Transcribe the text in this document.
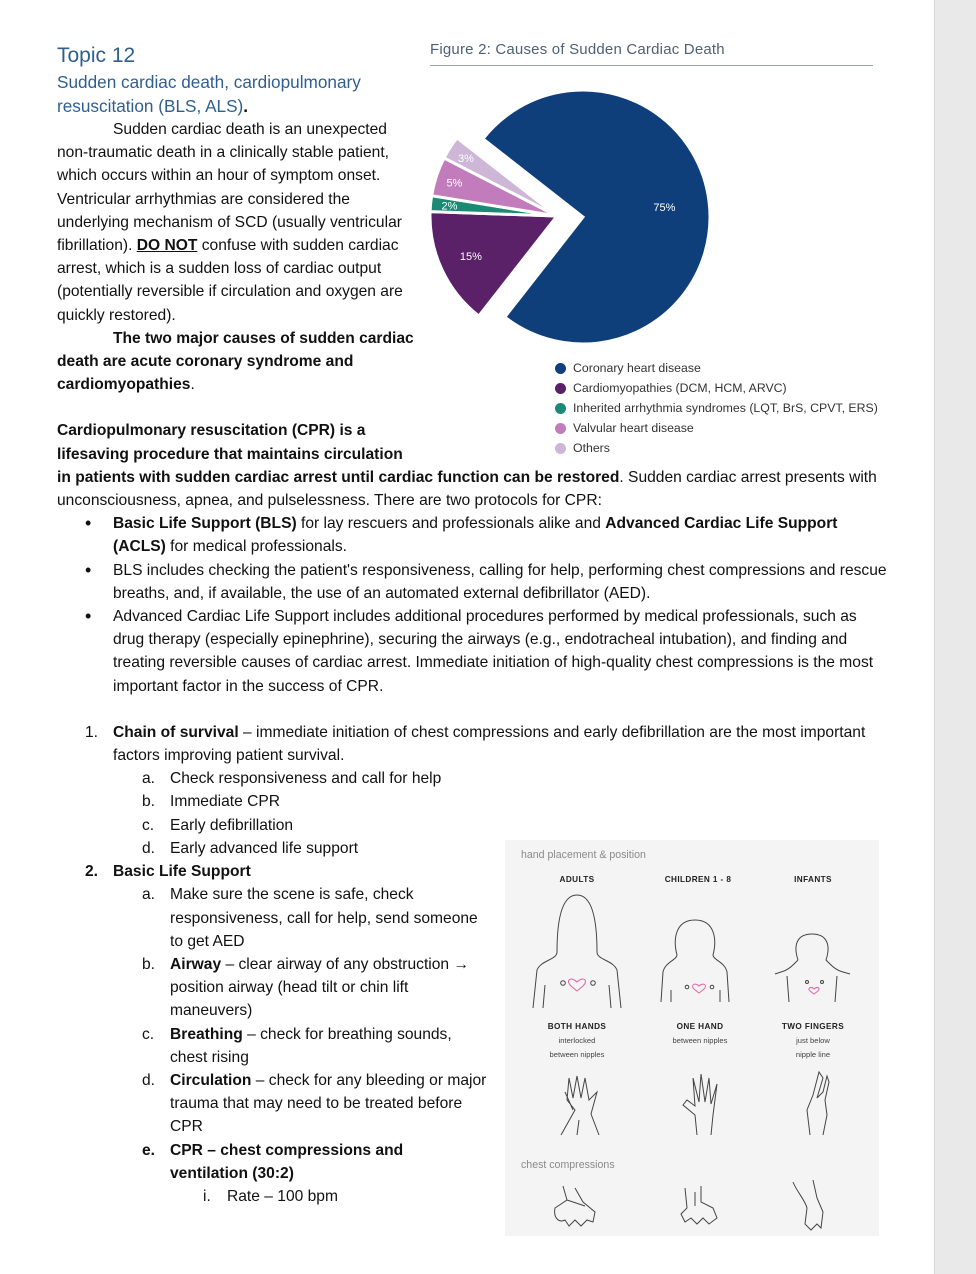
Figure 2: Causes of Sudden Cardiac Death
75%
15%
2%
5%
3%
Coronary heart disease
Cardiomyopathies (DCM, HCM, ARVC)
Inherited arrhythmia syndromes (LQT, BrS, CPVT, ERS)
Valvular heart disease
Others
Topic 12
Sudden cardiac death, cardiopulmonary
resuscitation (BLS, ALS).
Sudden cardiac death is an unexpected non-traumatic death in a clinically stable patient, which occurs within an hour of symptom onset. Ventricular arrhythmias are considered the underlying mechanism of SCD (usually ventricular fibrillation). DO NOT confuse with sudden cardiac arrest, which is a sudden loss of cardiac output (potentially reversible if circulation and oxygen are quickly restored).
The two major causes of sudden cardiac death are acute coronary syndrome and cardiomyopathies.
Cardiopulmonary resuscitation (CPR) is a lifesaving procedure that maintains circulation in patients with sudden cardiac arrest until cardiac function can be restored. Sudden cardiac arrest presents with unconsciousness, apnea, and pulselessness. There are two protocols for CPR:
• Basic Life Support (BLS) for lay rescuers and professionals alike and Advanced Cardiac Life Support (ACLS) for medical professionals.
• BLS includes checking the patient's responsiveness, calling for help, performing chest compressions and rescue breaths, and, if available, the use of an automated external defibrillator (AED).
• Advanced Cardiac Life Support includes additional procedures performed by medical professionals, such as drug therapy (especially epinephrine), securing the airways (e.g., endotracheal intubation), and finding and treating reversible causes of cardiac arrest. Immediate initiation of high-quality chest compressions is the most important factor in the success of CPR.
1. Chain of survival – immediate initiation of chest compressions and early defibrillation are the most important factors improving patient survival.
a. Check responsiveness and call for help
b. Immediate CPR
c. Early defibrillation
d. Early advanced life support
2. Basic Life Support
a. Make sure the scene is safe, check responsiveness, call for help, send someone to get AED
b. Airway – clear airway of any obstruction → position airway (head tilt or chin lift maneuvers)
c. Breathing – check for breathing sounds, chest rising
d. Circulation – check for any bleeding or major trauma that may need to be treated before CPR
e. CPR – chest compressions and ventilation (30:2)
i. Rate – 100 bpm
hand placement & position
ADULTS	CHILDREN 1 - 8	INFANTS
BOTH HANDS
interlocked
between nipples
ONE HAND
between nipples
TWO FINGERS
just below
nipple line
chest compressions
